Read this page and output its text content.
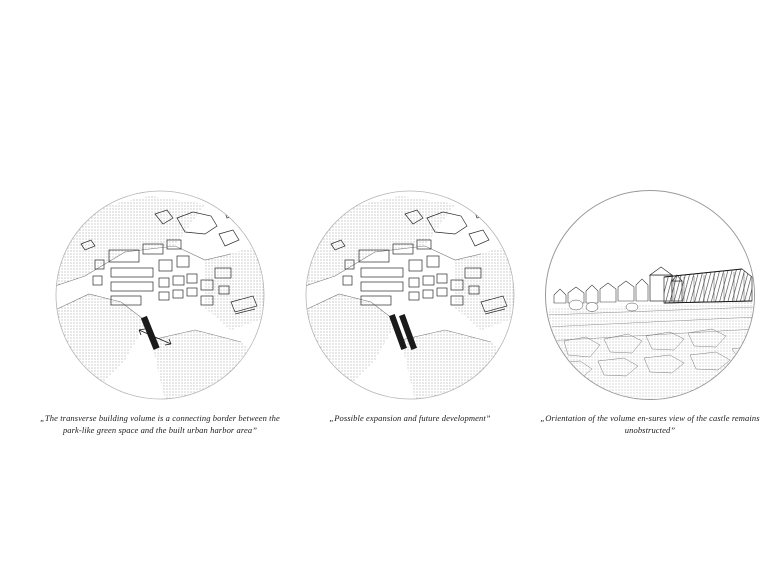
„The transverse building volume is a connecting border between the park-like green space and the built urban harbor area”
„Possible expansion and future development”	„Orientation of the volume en-sures view of the castle remains unobstructed”
